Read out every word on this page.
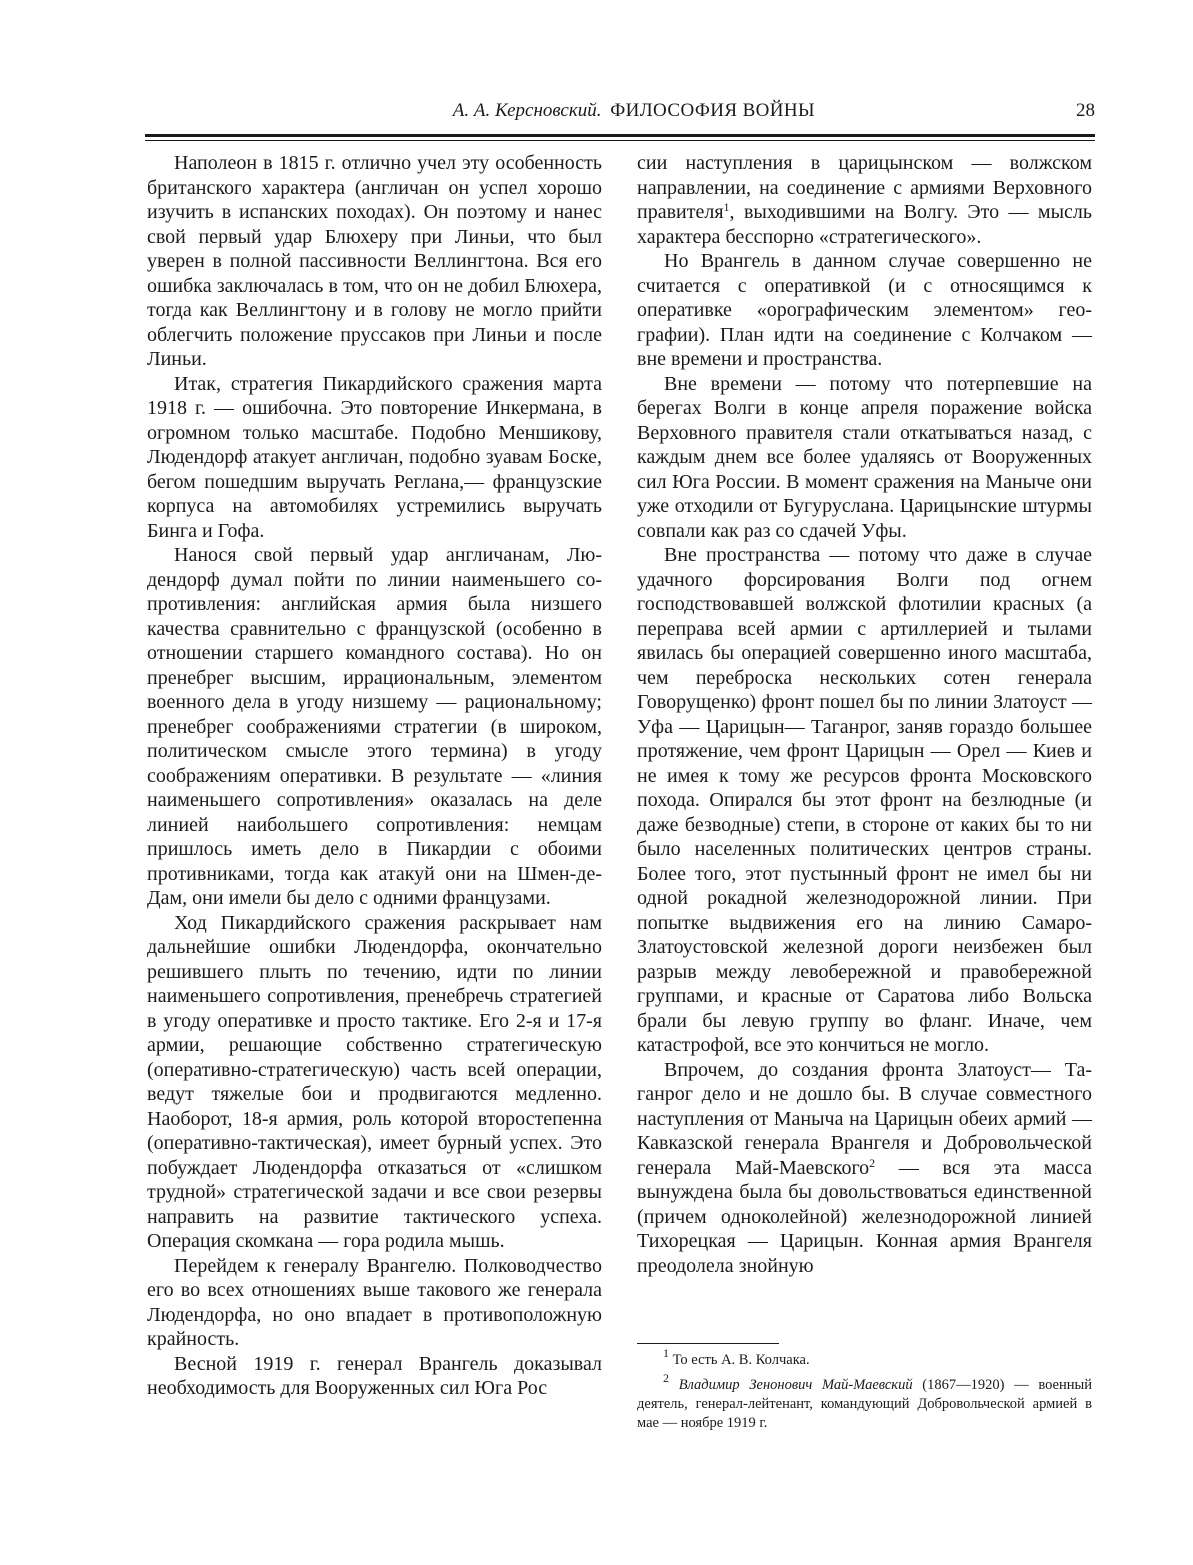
А. А. Керсновский. ФИЛОСОФИЯ ВОЙНЫ	28

Наполеон в 1815 г. отлично учел эту особенность британского характера (англичан он успел хорошо изучить в испанских походах). Он поэтому и нанес свой первый удар Блюхеру при Линьи, что был уверен в полной пассивности Веллингтона. Вся его ошибка заключалась в том, что он не добил Блюхера, тогда как Веллингтону и в голову не могло прийти облегчить положение пруссаков при Линьи и после Линьи.

Итак, стратегия Пикардийского сражения марта 1918 г. — ошибочна. Это повторение Инкермана, в огромном только масштабе. Подобно Меншикову, Людендорф атакует англичан, подобно зуавам Боске, бегом пошедшим выручать Реглана,— французские корпуса на автомобилях устремились выручать Бинга и Гофа.

Нанося свой первый удар англичанам, Людендорф думал пойти по линии наименьшего сопротивления: английская армия была низшего качества сравнительно с французской (особенно в отношении старшего командного состава). Но он пренебрег высшим, иррациональным, элементом военного дела в угоду низшему — рациональному; пренебрег соображениями стратегии (в широком, политическом смысле этого термина) в угоду соображениям оперативки. В результате — «линия наименьшего сопротивления» оказалась на деле линией наибольшего сопротивления: немцам пришлось иметь дело в Пикардии с обоими противниками, тогда как атакуй они на Шмен-де-Дам, они имели бы дело с одними французами.

Ход Пикардийского сражения раскрывает нам дальнейшие ошибки Людендорфа, окончательно решившего плыть по течению, идти по линии наименьшего сопротивления, пренебречь стратегией в угоду оперативке и просто тактике. Его 2-я и 17-я армии, решающие собственно стратегическую (оперативно-стратегическую) часть всей операции, ведут тяжелые бои и продвигаются медленно. Наоборот, 18-я армия, роль которой второстепенна (оперативно-тактическая), имеет бурный успех. Это побуждает Людендорфа отказаться от «слишком трудной» стратегической задачи и все свои резервы направить на развитие тактического успеха. Операция скомкана — гора родила мышь.

Перейдем к генералу Врангелю. Полководчество его во всех отношениях выше такового же генерала Людендорфа, но оно впадает в противоположную крайность.

Весной 1919 г. генерал Врангель доказывал необходимость для Вооруженных сил Юга Рос

сии наступления в царицынском — волжском направлении, на соединение с армиями Верховного правителя$^1$, выходившими на Волгу. Это — мысль характера бесспорно «стратегического».

Но Врангель в данном случае совершенно не считается с оперативкой (и с относящимся к оперативке «орографическим элементом» географии). План идти на соединение с Колчаком — вне времени и пространства.

Вне времени — потому что потерпевшие на берегах Волги в конце апреля поражение войска Верховного правителя стали откатываться назад, с каждым днем все более удаляясь от Вооруженных сил Юга России. В момент сражения на Маныче они уже отходили от Бугуруслана. Царицынские штурмы совпали как раз со сдачей Уфы.

Вне пространства — потому что даже в случае удачного форсирования Волги под огнем господствовавшей волжской флотилии красных (а переправа всей армии с артиллерией и тылами явилась бы операцией совершенно иного масштаба, чем переброска нескольких сотен генерала Говорущенко) фронт пошел бы по линии Златоуст — Уфа — Царицын— Таганрог, заняв гораздо большее протяжение, чем фронт Царицын — Орел — Киев и не имея к тому же ресурсов фронта Московского похода. Опирался бы этот фронт на безлюдные (и даже безводные) степи, в стороне от каких бы то ни было населенных политических центров страны. Более того, этот пустынный фронт не имел бы ни одной рокадной железнодорожной линии. При попытке выдвижения его на линию Самаро-Златоустовской железной дороги неизбежен был разрыв между левобережной и правобережной группами, и красные от Саратова либо Вольска брали бы левую группу во фланг. Иначе, чем катастрофой, все это кончиться не могло.

Впрочем, до создания фронта Златоуст— Таганрог дело и не дошло бы. В случае совместного наступления от Маныча на Царицын обеих армий — Кавказской генерала Врангеля и Добровольческой генерала Май-Маевского$^2$ — вся эта масса вынуждена была бы довольствоваться единственной (причем одноколейной) железнодорожной линией Тихорецкая — Царицын. Конная армия Врангеля преодолела знойную

$^1$ То есть А. В. Колчака.

$^2$ Владимир Зенонович Май-Маевский (1867—1920) — военный деятель, генерал-лейтенант, командующий Добровольческой армией в мае — ноябре 1919 г.
